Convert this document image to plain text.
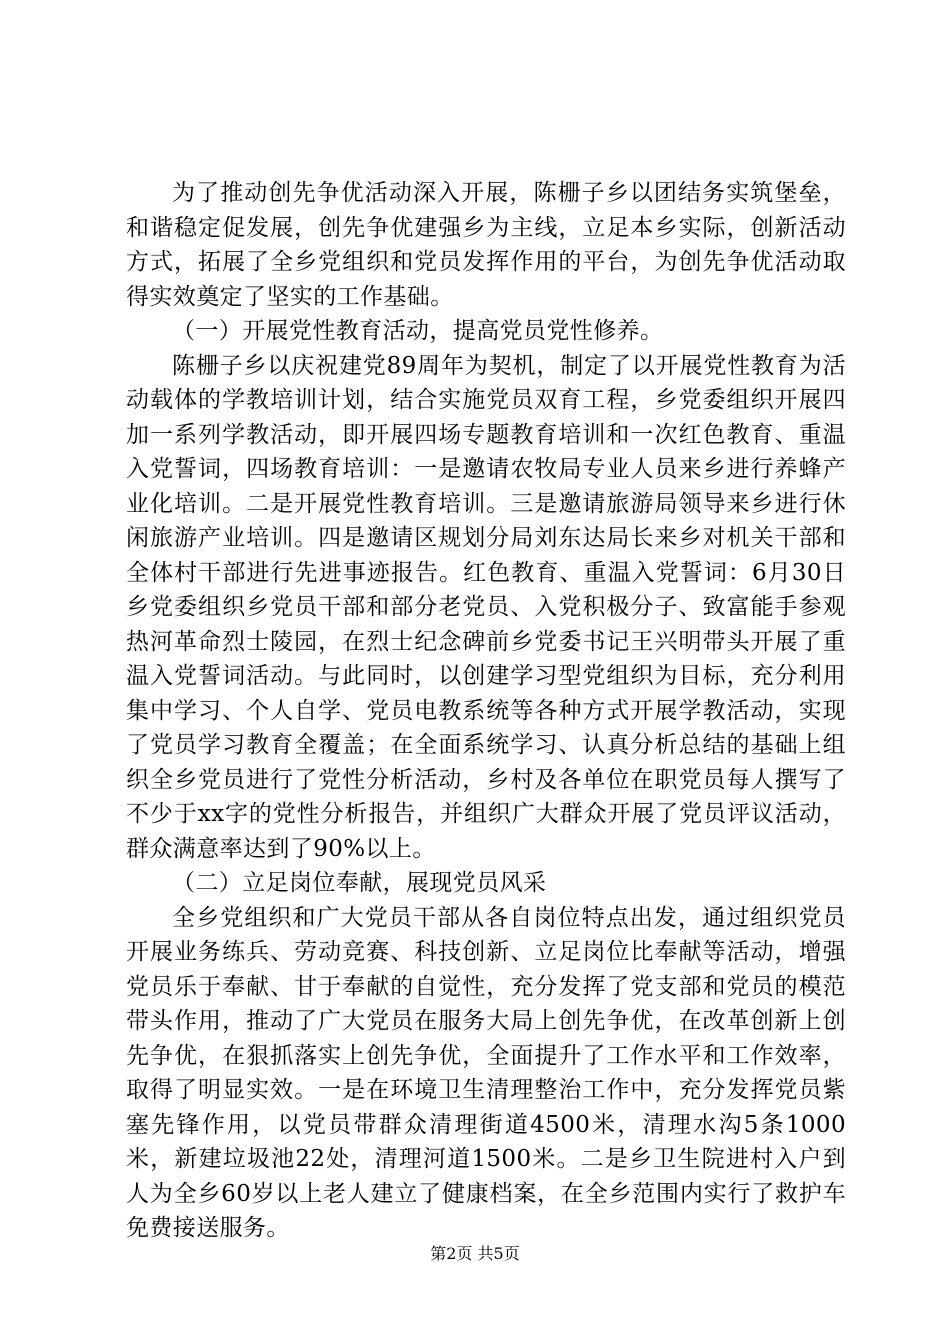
为了推动创先争优活动深入开展，陈栅子乡以团结务实筑堡垒，和谐稳定促发展，创先争优建强乡为主线，立足本乡实际，创新活动方式，拓展了全乡党组织和党员发挥作用的平台，为创先争优活动取得实效奠定了坚实的工作基础。

（一）开展党性教育活动，提高党员党性修养。

陈栅子乡以庆祝建党89周年为契机，制定了以开展党性教育为活动载体的学教培训计划，结合实施党员双育工程，乡党委组织开展四加一系列学教活动，即开展四场专题教育培训和一次红色教育、重温入党誓词，四场教育培训：一是邀请农牧局专业人员来乡进行养蜂产业化培训。二是开展党性教育培训。三是邀请旅游局领导来乡进行休闲旅游产业培训。四是邀请区规划分局刘东达局长来乡对机关干部和全体村干部进行先进事迹报告。红色教育、重温入党誓词：6月30日乡党委组织乡党员干部和部分老党员、入党积极分子、致富能手参观热河革命烈士陵园，在烈士纪念碑前乡党委书记王兴明带头开展了重温入党誓词活动。与此同时，以创建学习型党组织为目标，充分利用集中学习、个人自学、党员电教系统等各种方式开展学教活动，实现了党员学习教育全覆盖；在全面系统学习、认真分析总结的基础上组织全乡党员进行了党性分析活动，乡村及各单位在职党员每人撰写了不少于xx字的党性分析报告，并组织广大群众开展了党员评议活动，群众满意率达到了90%以上。

（二）立足岗位奉献，展现党员风采

全乡党组织和广大党员干部从各自岗位特点出发，通过组织党员开展业务练兵、劳动竞赛、科技创新、立足岗位比奉献等活动，增强党员乐于奉献、甘于奉献的自觉性，充分发挥了党支部和党员的模范带头作用，推动了广大党员在服务大局上创先争优，在改革创新上创先争优，在狠抓落实上创先争优，全面提升了工作水平和工作效率，取得了明显实效。一是在环境卫生清理整治工作中，充分发挥党员紫塞先锋作用，以党员带群众清理街道4500米，清理水沟5条1000米，新建垃圾池22处，清理河道1500米。二是乡卫生院进村入户到人为全乡60岁以上老人建立了健康档案，在全乡范围内实行了救护车免费接送服务。

第2页 共5页
